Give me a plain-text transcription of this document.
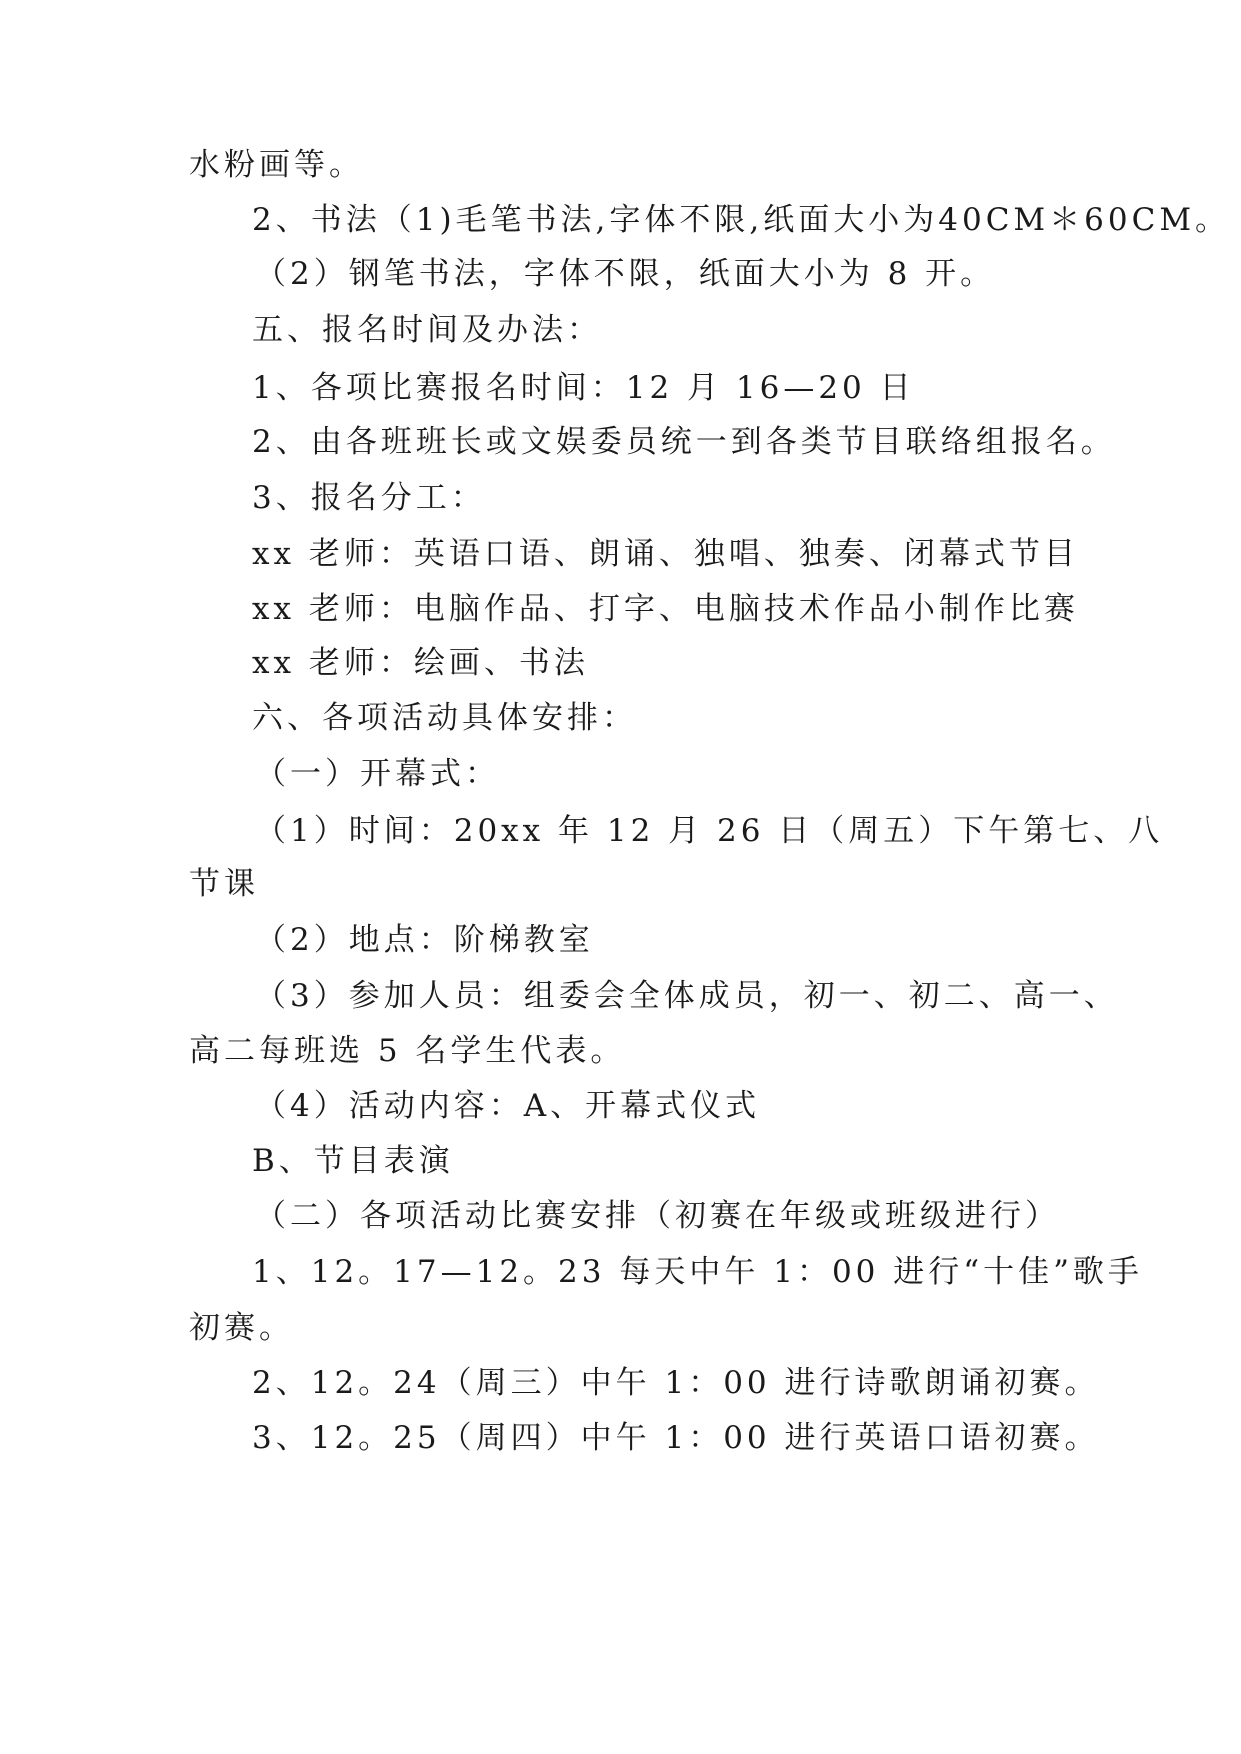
水粉画等。
2、书法（1)毛笔书法,字体不限,纸面大小为40CM＊60CM。
（2）钢笔书法，字体不限，纸面大小为 8 开。
五、报名时间及办法：
1、各项比赛报名时间：12 月 16—20 日
2、由各班班长或文娱委员统一到各类节目联络组报名。
3、报名分工：
xx 老师：英语口语、朗诵、独唱、独奏、闭幕式节目
xx 老师：电脑作品、打字、电脑技术作品小制作比赛
xx 老师：绘画、书法
六、各项活动具体安排：
（一）开幕式：
（1）时间：20xx 年 12 月 26 日（周五）下午第七、八
节课
（2）地点：阶梯教室
（3）参加人员：组委会全体成员，初一、初二、高一、
高二每班选 5 名学生代表。
（4）活动内容：A、开幕式仪式
B、节目表演
（二）各项活动比赛安排（初赛在年级或班级进行）
1、12。17—12。23 每天中午 1：00 进行“十佳”歌手
初赛。
2、12。24（周三）中午 1：00 进行诗歌朗诵初赛。
3、12。25（周四）中午 1：00 进行英语口语初赛。
